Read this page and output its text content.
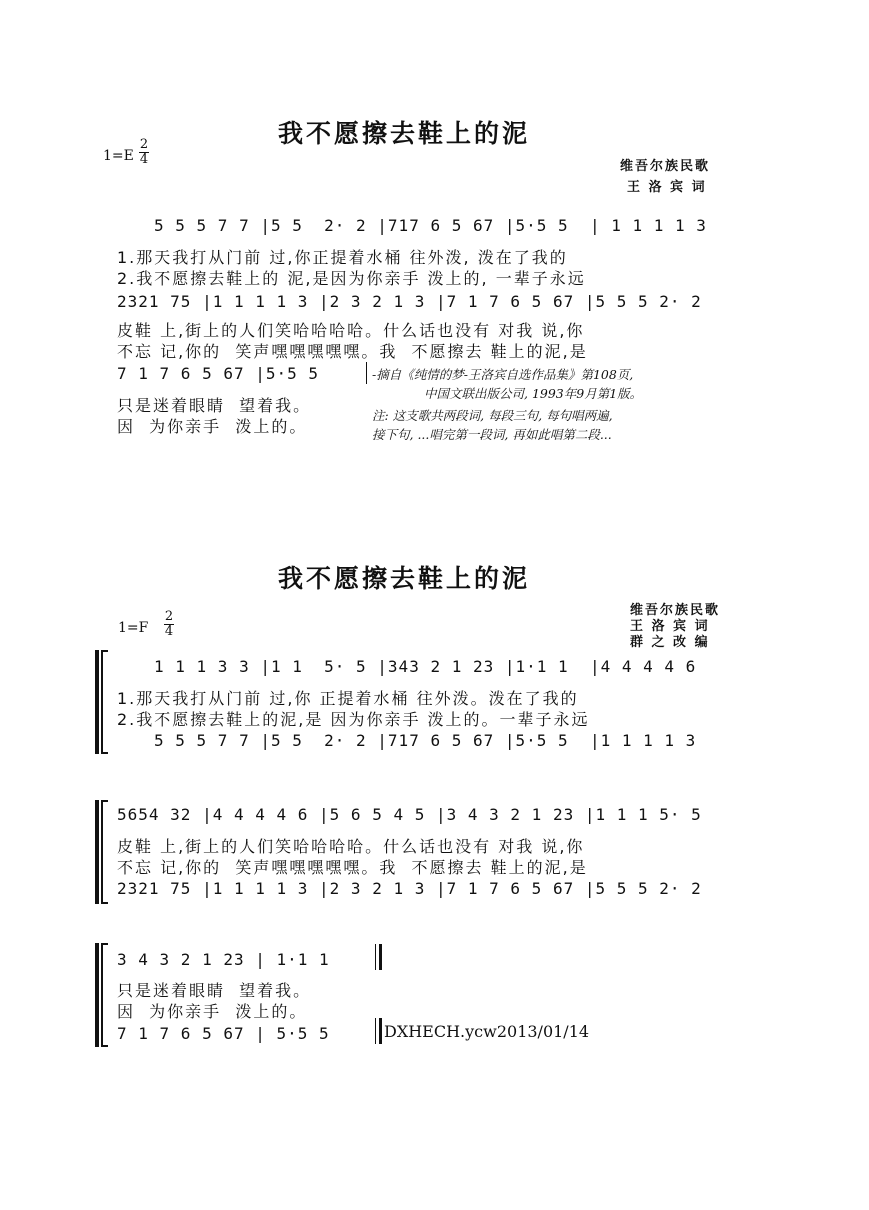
我不愿擦去鞋上的泥
$1=E \frac{2}{4}$	维吾尔族民歌
王 洛 宾 词
5 5 5 7 7 |5 5  2· 2 |717 6 5 67 |5·5 5  | 1 1 1 1 3
1.那天我打从门前 过,你正提着水桶 往外泼, 泼在了我的
2.我不愿擦去鞋上的 泥,是因为你亲手 泼上的, 一辈子永远
2321 75 |1 1 1 1 3 |2 3 2 1 3 |7 1 7 6 5 67 |5 5 5 2· 2
皮鞋 上,街上的人们笑哈哈哈哈。什么话也没有 对我 说,你
不忘 记,你的  笑声嘿嘿嘿嘿嘿。我  不愿擦去 鞋上的泥,是
7 1 7 6 5 67 |5·5 5
只是迷着眼睛  望着我。
因  为你亲手  泼上的。
-摘自《纯情的梦-王洛宾自选作品集》第108页,
中国文联出版公司, 1993年9月第1版。
注: 这支歌共两段词, 每段三句, 每句唱两遍,
接下句, ...唱完第一段词, 再如此唱第二段...
我不愿擦去鞋上的泥
$1=F \frac{2}{4}$	维吾尔族民歌
王 洛 宾 词
群 之 改 编
1 1 1 3 3 |1 1  5· 5 |343 2 1 23 |1·1 1  |4 4 4 4 6
1.那天我打从门前 过,你 正提着水桶 往外泼。泼在了我的
2.我不愿擦去鞋上的泥,是 因为你亲手 泼上的。一辈子永远
5 5 5 7 7 |5 5  2· 2 |717 6 5 67 |5·5 5  |1 1 1 1 3
5654 32 |4 4 4 4 6 |5 6 5 4 5 |3 4 3 2 1 23 |1 1 1 5· 5
皮鞋 上,街上的人们笑哈哈哈哈。什么话也没有 对我 说,你
不忘 记,你的  笑声嘿嘿嘿嘿嘿。我  不愿擦去 鞋上的泥,是
2321 75 |1 1 1 1 3 |2 3 2 1 3 |7 1 7 6 5 67 |5 5 5 2· 2
3 4 3 2 1 23 | 1·1 1
只是迷着眼睛  望着我。
因  为你亲手  泼上的。
7 1 7 6 5 67 | 5·5 5	DXHECH.ycw2013/01/14
